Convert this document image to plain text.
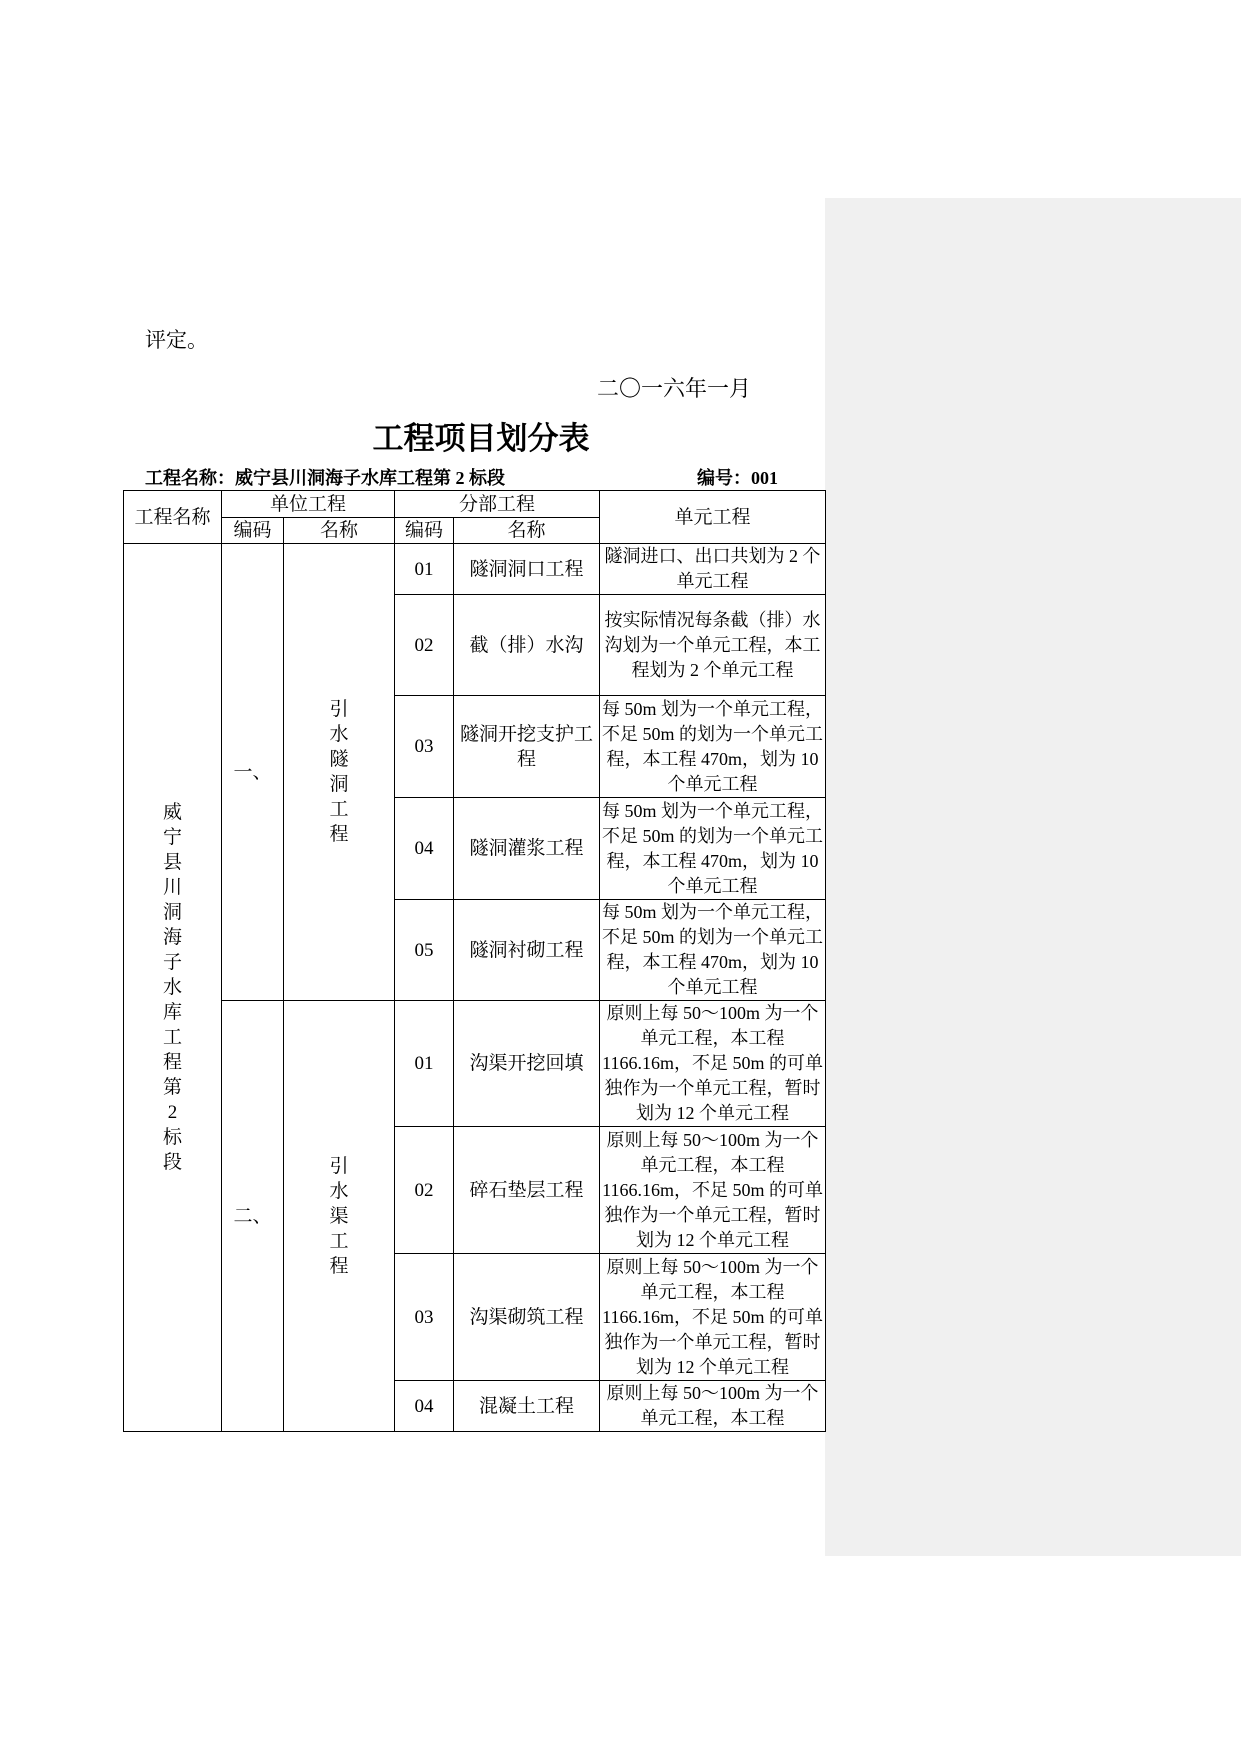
评定。
二〇一六年一月
工程项目划分表
工程名称：威宁县川洞海子水库工程第 2 标段	编号：001
工程名称	单位工程		分部工程		单元工程
	编码	名称	编码	名称	
威宁县川洞海子水库工程第2标段	一、	引水隧洞工程	01	隧洞洞口工程	隧洞进口、出口共划为 2 个单元工程
			02	截（排）水沟	按实际情况每条截（排）水沟划为一个单元工程，本工程划为 2 个单元工程
			03	隧洞开挖支护工程	每 50m 划为一个单元工程，不足 50m 的划为一个单元工程，本工程 470m，划为 10 个单元工程
			04	隧洞灌浆工程	每 50m 划为一个单元工程，不足 50m 的划为一个单元工程，本工程 470m，划为 10 个单元工程
			05	隧洞衬砌工程	每 50m 划为一个单元工程，不足 50m 的划为一个单元工程，本工程 470m，划为 10 个单元工程
	二、	引水渠工程	01	沟渠开挖回填	原则上每 50～100m 为一个单元工程，本工程 1166.16m，不足 50m 的可单独作为一个单元工程，暂时划为 12 个单元工程
			02	碎石垫层工程	原则上每 50～100m 为一个单元工程，本工程 1166.16m，不足 50m 的可单独作为一个单元工程，暂时划为 12 个单元工程
			03	沟渠砌筑工程	原则上每 50～100m 为一个单元工程，本工程 1166.16m，不足 50m 的可单独作为一个单元工程，暂时划为 12 个单元工程
			04	混凝土工程	原则上每 50～100m 为一个单元工程，本工程
